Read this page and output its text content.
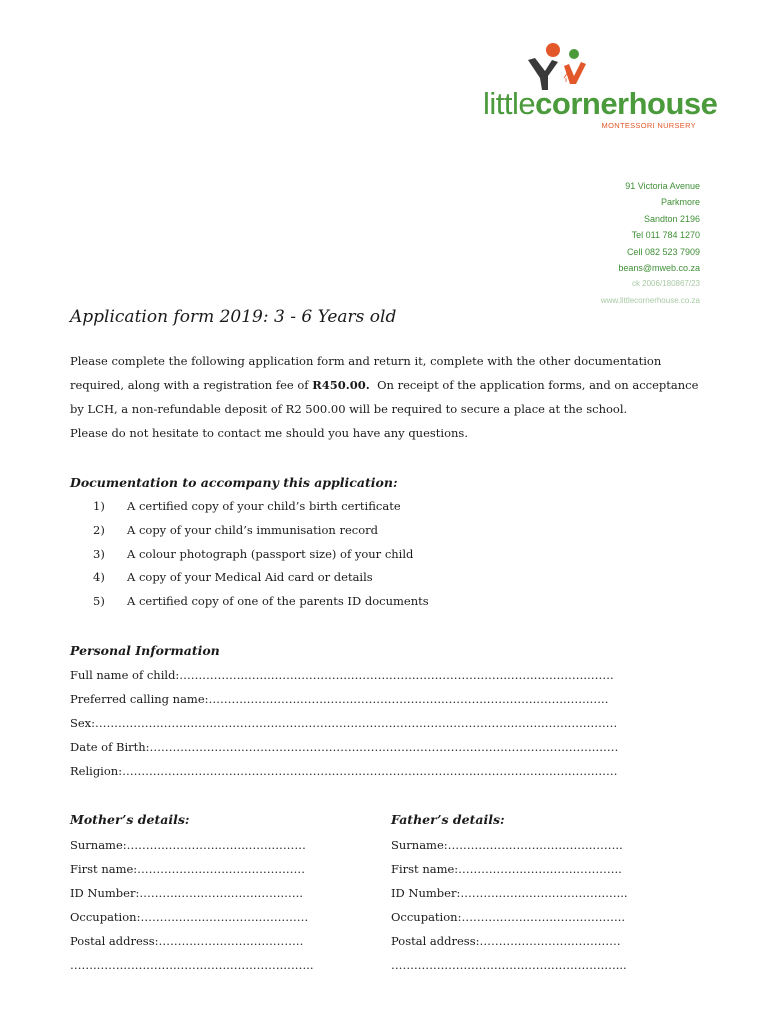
littlecornerhouse
MONTESSORI NURSERY
91 Victoria Avenue
Parkmore
Sandton 2196
Tel 011 784 1270
Cell 082 523 7909
beans@mweb.co.za
ck 2006/180867/23
www.littlecornerhouse.co.za
Application form 2019: 3 - 6 Years old
Please complete the following application form and return it, complete with the other documentation required, along with a registration fee of R450.00.  On receipt of the application forms, and on acceptance by LCH, a non-refundable deposit of R2 500.00 will be required to secure a place at the school.
Please do not hesitate to contact me should you have any questions.
Documentation to accompany this application:
1) A certified copy of your child’s birth certificate
2) A copy of your child’s immunisation record
3) A colour photograph (passport size) of your child
4) A copy of your Medical Aid card or details
5) A certified copy of one of the parents ID documents
Personal Information
Full name of child:…….……….…….…….…….…….……….…….…….……….…….…….…….…….…….
Preferred calling name:……….…….…….…….…….……….…….…….……….…….…….…….…….…..
Sex:……….…….…….…….…….……….…….…….…….……….…….…….……….…….…….…….…….……
Date of Birth:……….…….…….…….…….……….…….…….…….……….…….…….……….…….…….……
Religion:……….…….…….…….…….……….…….…….…….……….…….…….……….…….…….…….……
Mother’s details:
Surname:……….…….…….…….…….………
First name:……….…….…….…….…….……
ID Number:……….…….…….…….…….…..
Occupation:……….…….…….…….…….……
Postal address:……….…….…….…….…….
…….…….…….…….…….…….…….…….……..
Father’s details:
Surname:……….…….…….…….…….……..
First name:……….…….…….…….…….…..
ID Number:……….…….…….…….…….…...
Occupation:……….…….…….…….…….…..
Postal address:……….…….…….…….……
…….…….…….…….…….…….…….…….…...
